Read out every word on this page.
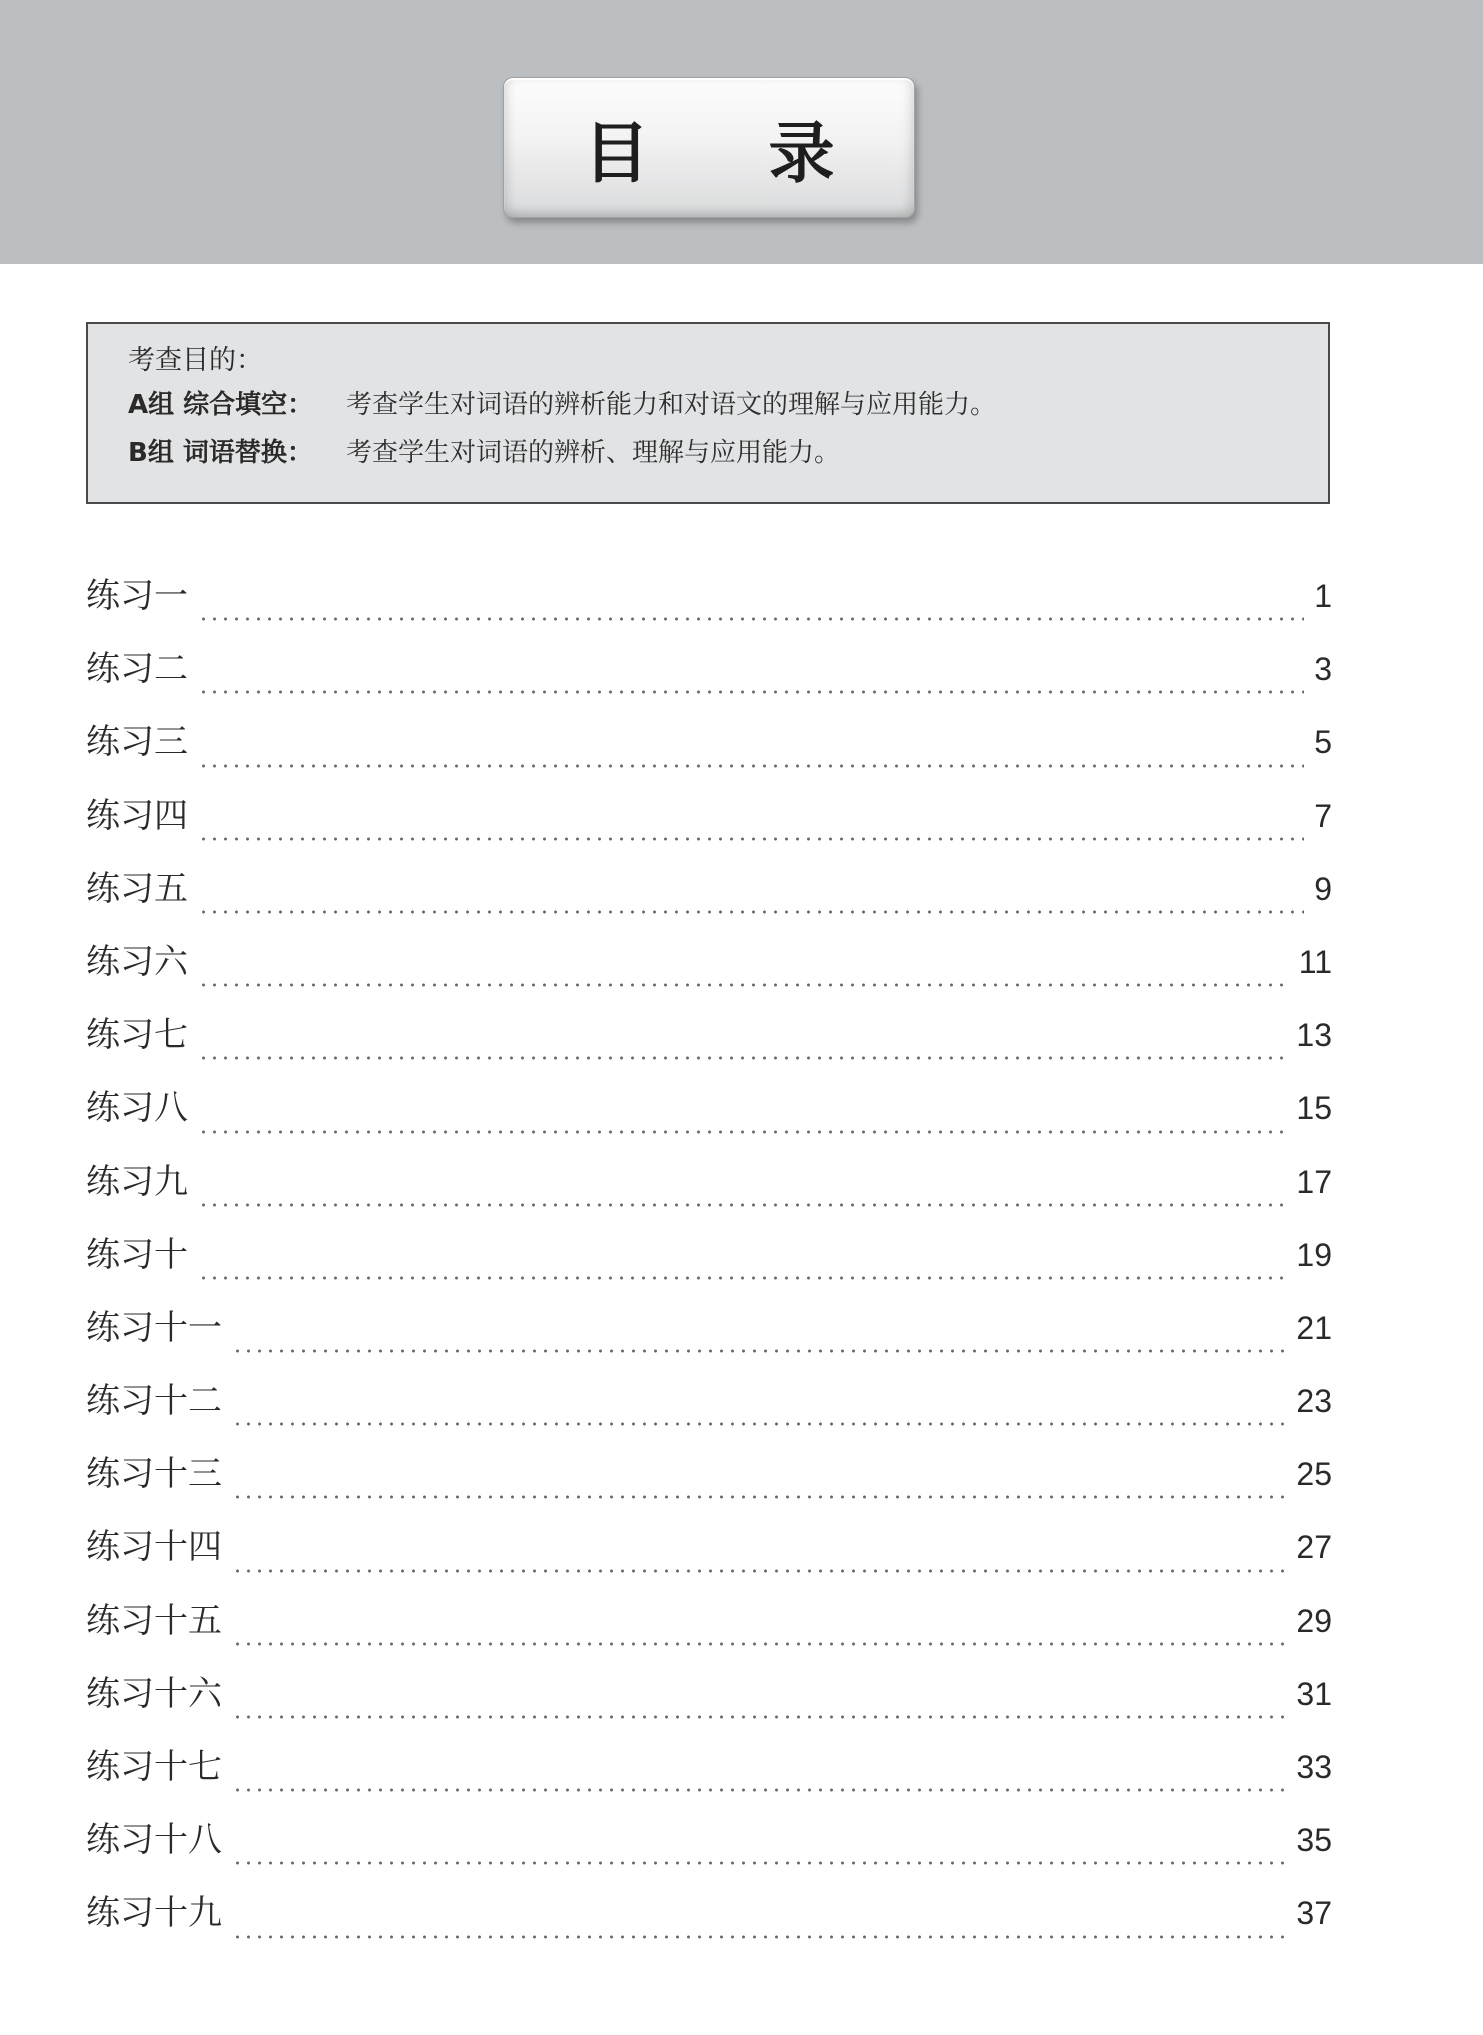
目 录
考查目的：
A组 综合填空：	考查学生对词语的辨析能力和对语文的理解与应用能力。
B组 词语替换：	考查学生对词语的辨析、理解与应用能力。
练习一	1
练习二	3
练习三	5
练习四	7
练习五	9
练习六	11
练习七	13
练习八	15
练习九	17
练习十	19
练习十一	21
练习十二	23
练习十三	25
练习十四	27
练习十五	29
练习十六	31
练习十七	33
练习十八	35
练习十九	37
